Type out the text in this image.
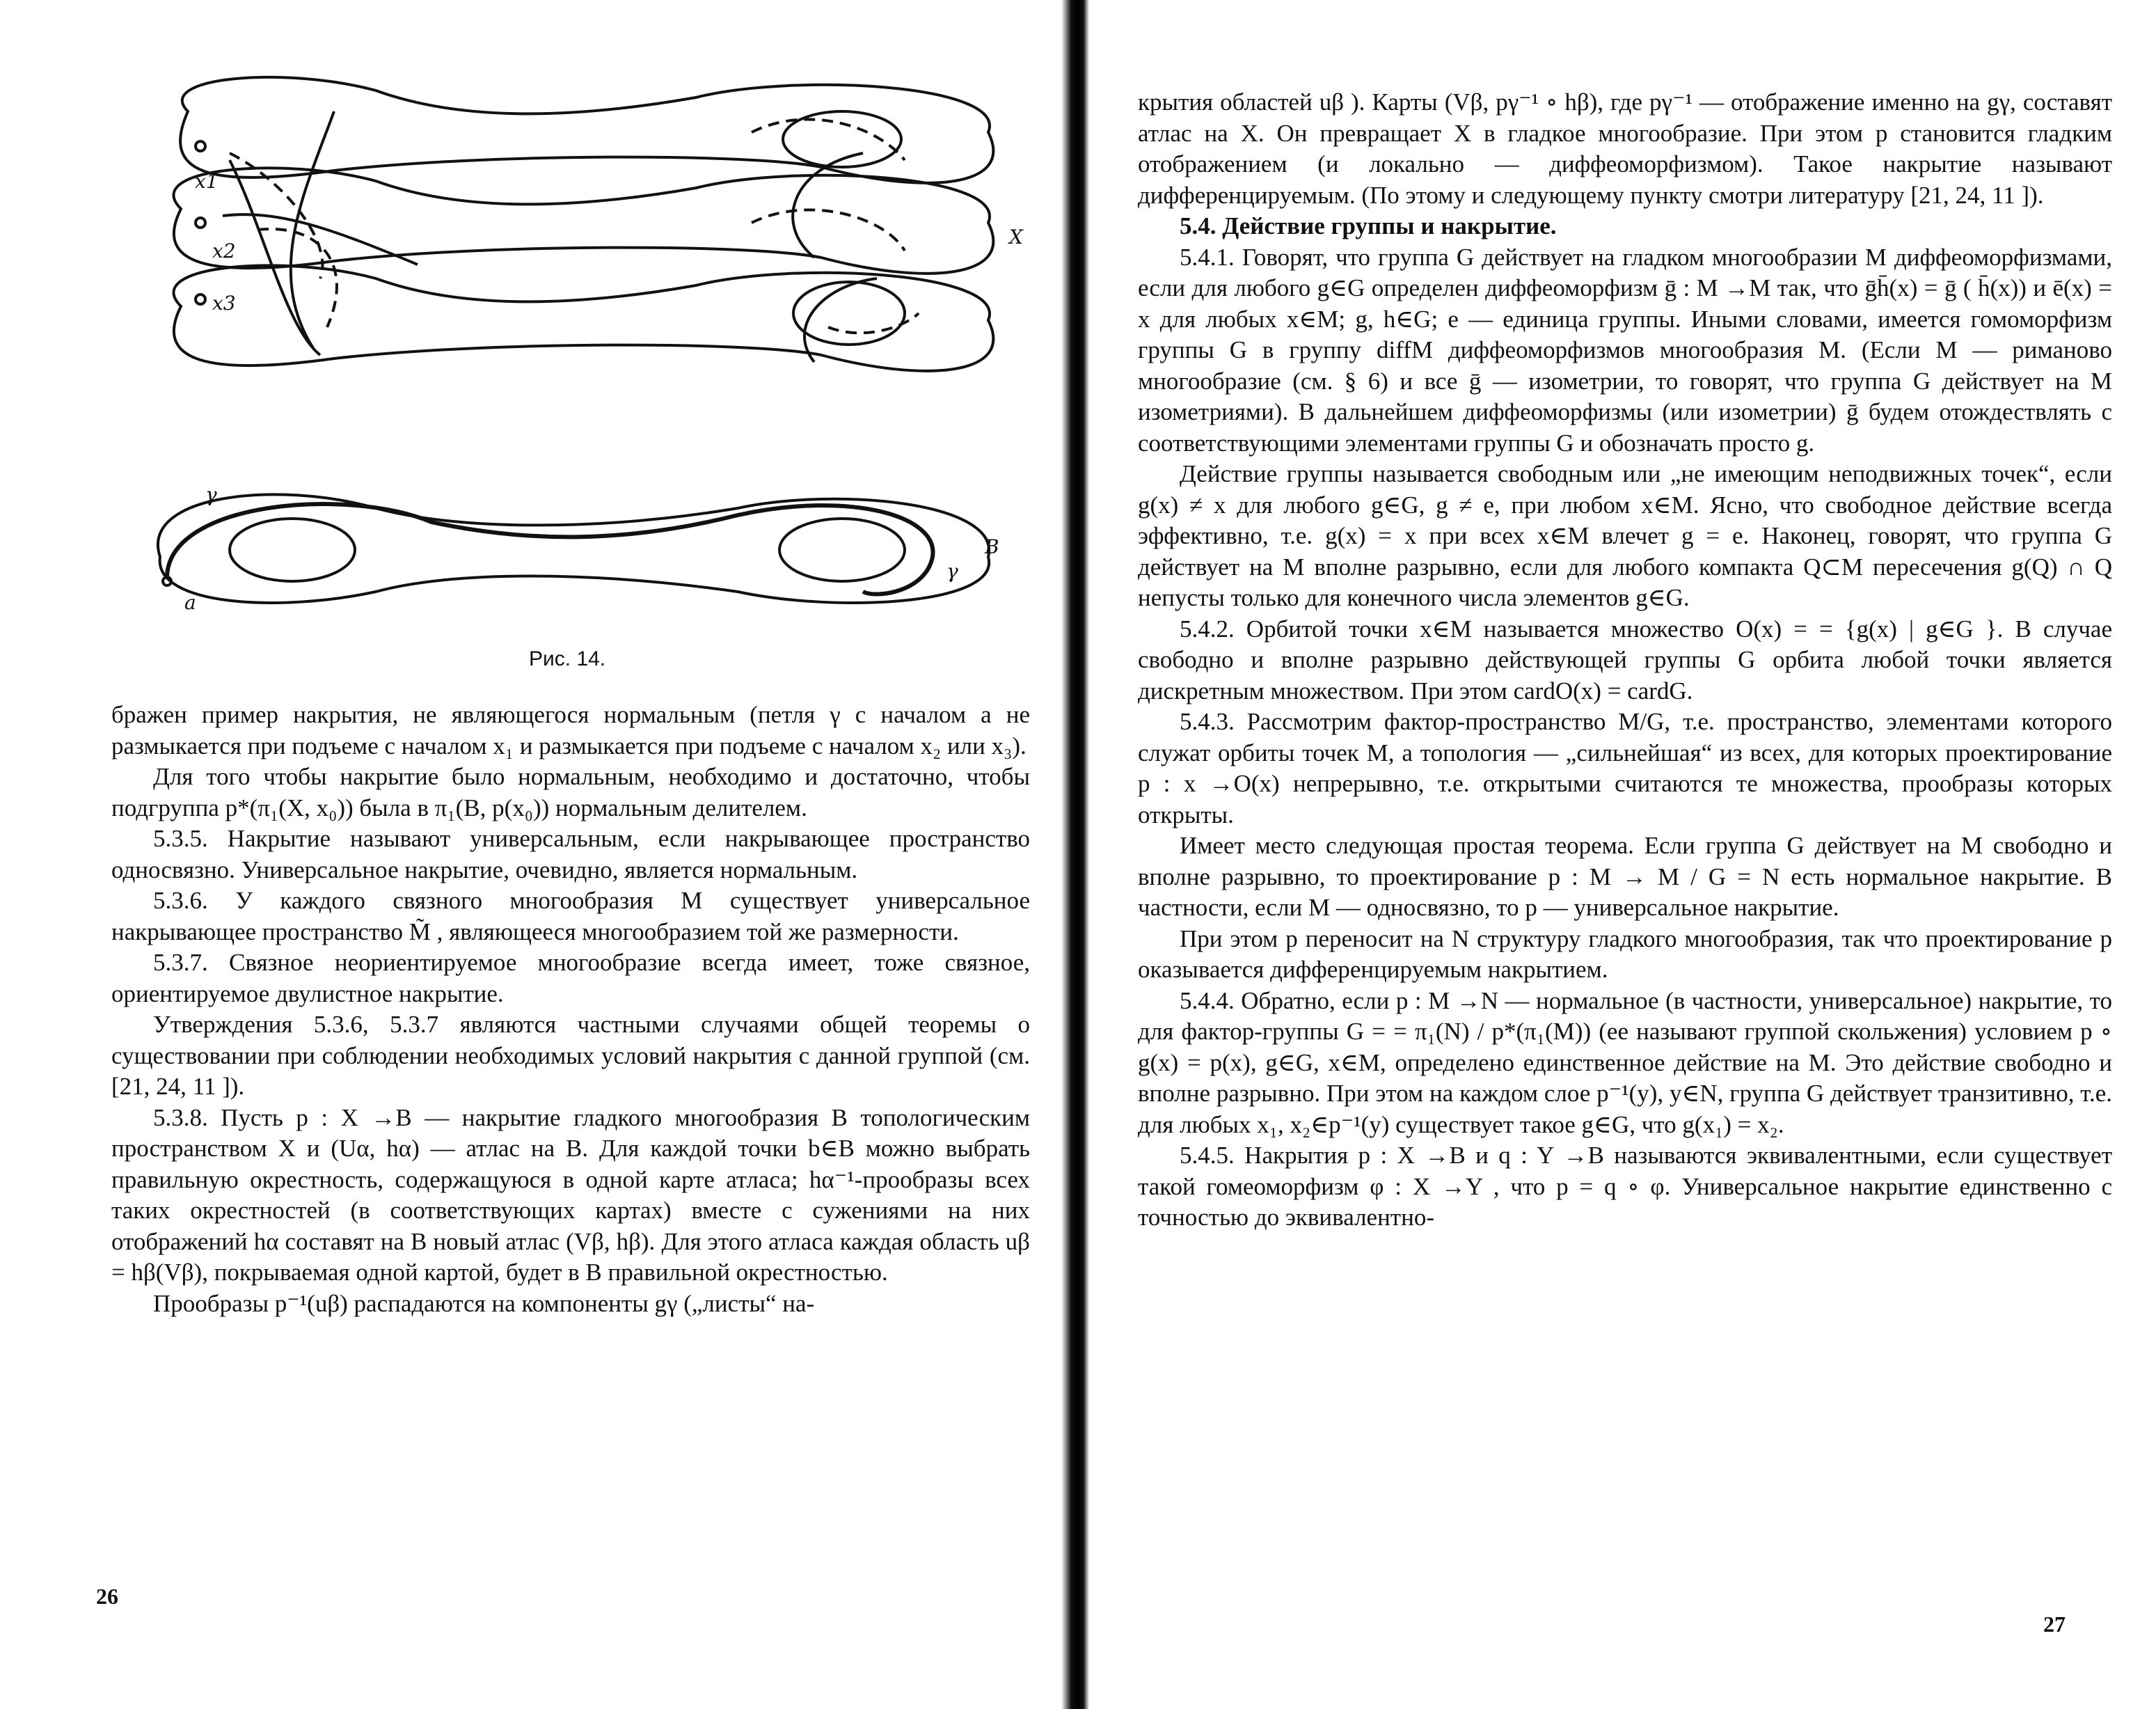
x1
x2
x3
X
γ
a
γ
B
Рис. 14.

бражен пример накрытия, не являющегося нормальным (петля γ с началом a не размыкается при подъеме с началом x₁ и размыкается при подъеме с началом x₂ или x₃).

Для того чтобы накрытие было нормальным, необходимо и достаточно, чтобы подгруппа p*(π₁(X, x₀)) была в π₁(B, p(x₀)) нормальным делителем.

5.3.5. Накрытие называют универсальным, если накрывающее пространство односвязно. Универсальное накрытие, очевидно, является нормальным.

5.3.6. У каждого связного многообразия M существует универсальное накрывающее пространство M̃ , являющееся многообразием той же размерности.

5.3.7. Связное неориентируемое многообразие всегда имеет, тоже связное, ориентируемое двулистное накрытие.

Утверждения 5.3.6, 5.3.7 являются частными случаями общей теоремы о существовании при соблюдении необходимых условий накрытия с данной группой (см. [21, 24, 11 ]).

5.3.8. Пусть p : X →B — накрытие гладкого многообразия B топологическим пространством X и (Uα, hα) — атлас на B. Для каждой точки b∈B можно выбрать правильную окрестность, содержащуюся в одной карте атласа; hα⁻¹-прообразы всех таких окрестностей (в соответствующих картах) вместе с сужениями на них отображений hα составят на B новый атлас (Vβ, hβ). Для этого атласа каждая область uβ = hβ(Vβ), покрываемая одной картой, будет в B правильной окрестностью.

Прообразы p⁻¹(uβ) распадаются на компоненты gγ („листы“ на-

26

крытия областей uβ ). Карты (Vβ, pγ⁻¹ ∘ hβ), где pγ⁻¹ — отображение именно на gγ, составят атлас на X. Он превращает X в гладкое многообразие. При этом p становится гладким отображением (и локально — диффеоморфизмом). Такое накрытие называют дифференцируемым. (По этому и следующему пункту смотри литературу [21, 24, 11 ]).

5.4. Действие группы и накрытие.

5.4.1. Говорят, что группа G действует на гладком многообразии M диффеоморфизмами, если для любого g∈G определен диффеоморфизм ḡ : M →M так, что ḡh̄(x) = ḡ ( h̄(x)) и ē(x) = x для любых x∈M; g, h∈G; e — единица группы. Иными словами, имеется гомоморфизм группы G в группу diffM диффеоморфизмов многообразия M. (Если M — риманово многообразие (см. § 6) и все ḡ — изометрии, то говорят, что группа G действует на M изометриями). В дальнейшем диффеоморфизмы (или изометрии) ḡ будем отождествлять с соответствующими элементами группы G и обозначать просто g.

Действие группы называется свободным или „не имеющим неподвижных точек“, если g(x) ≠ x для любого g∈G, g ≠ e, при любом x∈M. Ясно, что свободное действие всегда эффективно, т.е. g(x) = x при всех x∈M влечет g = e. Наконец, говорят, что группа G действует на M вполне разрывно, если для любого компакта Q⊂M пересечения g(Q) ∩ Q непусты только для конечного числа элементов g∈G.

5.4.2. Орбитой точки x∈M называется множество O(x) = = {g(x) | g∈G }. В случае свободно и вполне разрывно действующей группы G орбита любой точки является дискретным множеством. При этом cardO(x) = cardG.

5.4.3. Рассмотрим фактор-пространство M/G, т.е. пространство, элементами которого служат орбиты точек M, а топология — „сильнейшая“ из всех, для которых проектирование p : x →O(x) непрерывно, т.е. открытыми считаются те множества, прообразы которых открыты.

Имеет место следующая простая теорема. Если группа G действует на M свободно и вполне разрывно, то проектирование p : M → M / G = N есть нормальное накрытие. В частности, если M — односвязно, то p — универсальное накрытие.

При этом p переносит на N структуру гладкого многообразия, так что проектирование p оказывается дифференцируемым накрытием.

5.4.4. Обратно, если p : M →N — нормальное (в частности, универсальное) накрытие, то для фактор-группы G = = π₁(N) / p*(π₁(M)) (ее называют группой скольжения) условием p ∘ g(x) = p(x), g∈G, x∈M, определено единственное действие на M. Это действие свободно и вполне разрывно. При этом на каждом слое p⁻¹(y), y∈N, группа G действует транзитивно, т.е. для любых x₁, x₂∈p⁻¹(y) существует такое g∈G, что g(x₁) = x₂.

5.4.5. Накрытия p : X →B и q : Y →B называются эквивалентными, если существует такой гомеоморфизм φ : X →Y , что p = q ∘ φ. Универсальное накрытие единственно с точностью до эквивалентно-

27
